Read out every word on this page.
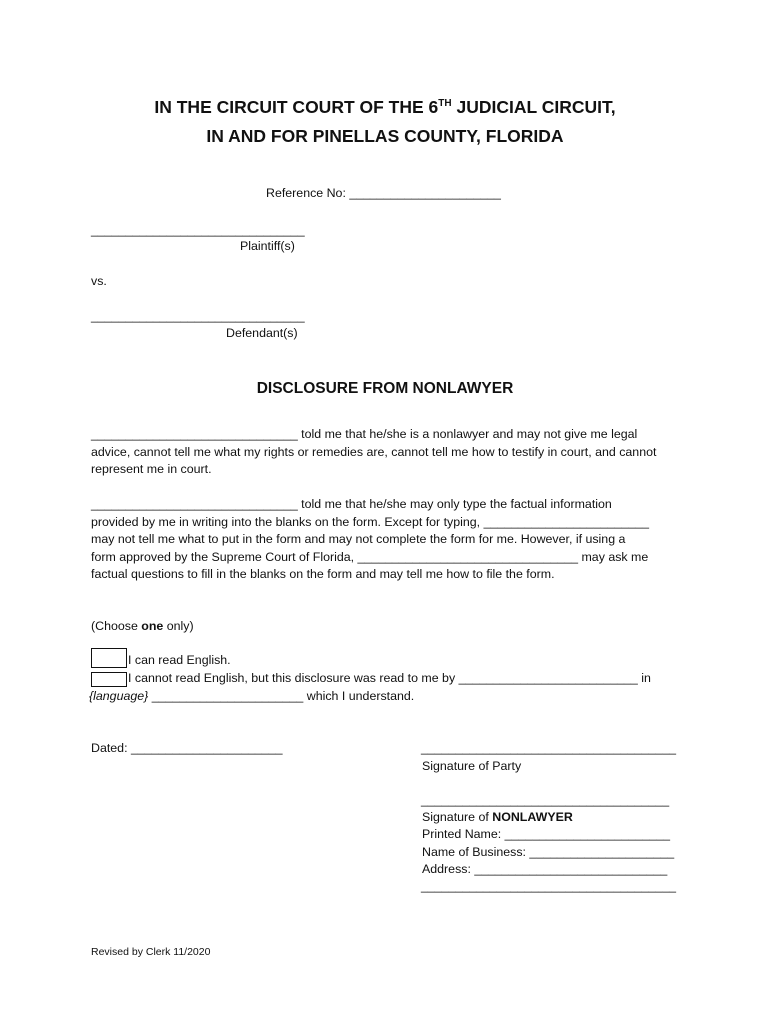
IN THE CIRCUIT COURT OF THE 6TH JUDICIAL CIRCUIT,
IN AND FOR PINELLAS COUNTY, FLORIDA
Reference No: ______________________
_______________________________
Plaintiff(s)
vs.
_______________________________
Defendant(s)
DISCLOSURE FROM NONLAWYER
______________________________ told me that he/she is a nonlawyer and may not give me legal
advice, cannot tell me what my rights or remedies are, cannot tell me how to testify in court, and cannot
represent me in court.
______________________________ told me that he/she may only type the factual information
provided by me in writing into the blanks on the form. Except for typing, ________________________
may not tell me what to put in the form and may not complete the form for me. However, if using a
form approved by the Supreme Court of Florida, ________________________________ may ask me
factual questions to fill in the blanks on the form and may tell me how to file the form.
(Choose one only)
I can read English.
I cannot read English, but this disclosure was read to me by __________________________ in
{language} ______________________ which I understand.
Dated: ______________________	_____________________________________
Signature of Party
____________________________________
Signature of NONLAWYER
Printed Name: ________________________
Name of Business: _____________________
Address: ____________________________
_____________________________________
Revised by Clerk 11/2020
